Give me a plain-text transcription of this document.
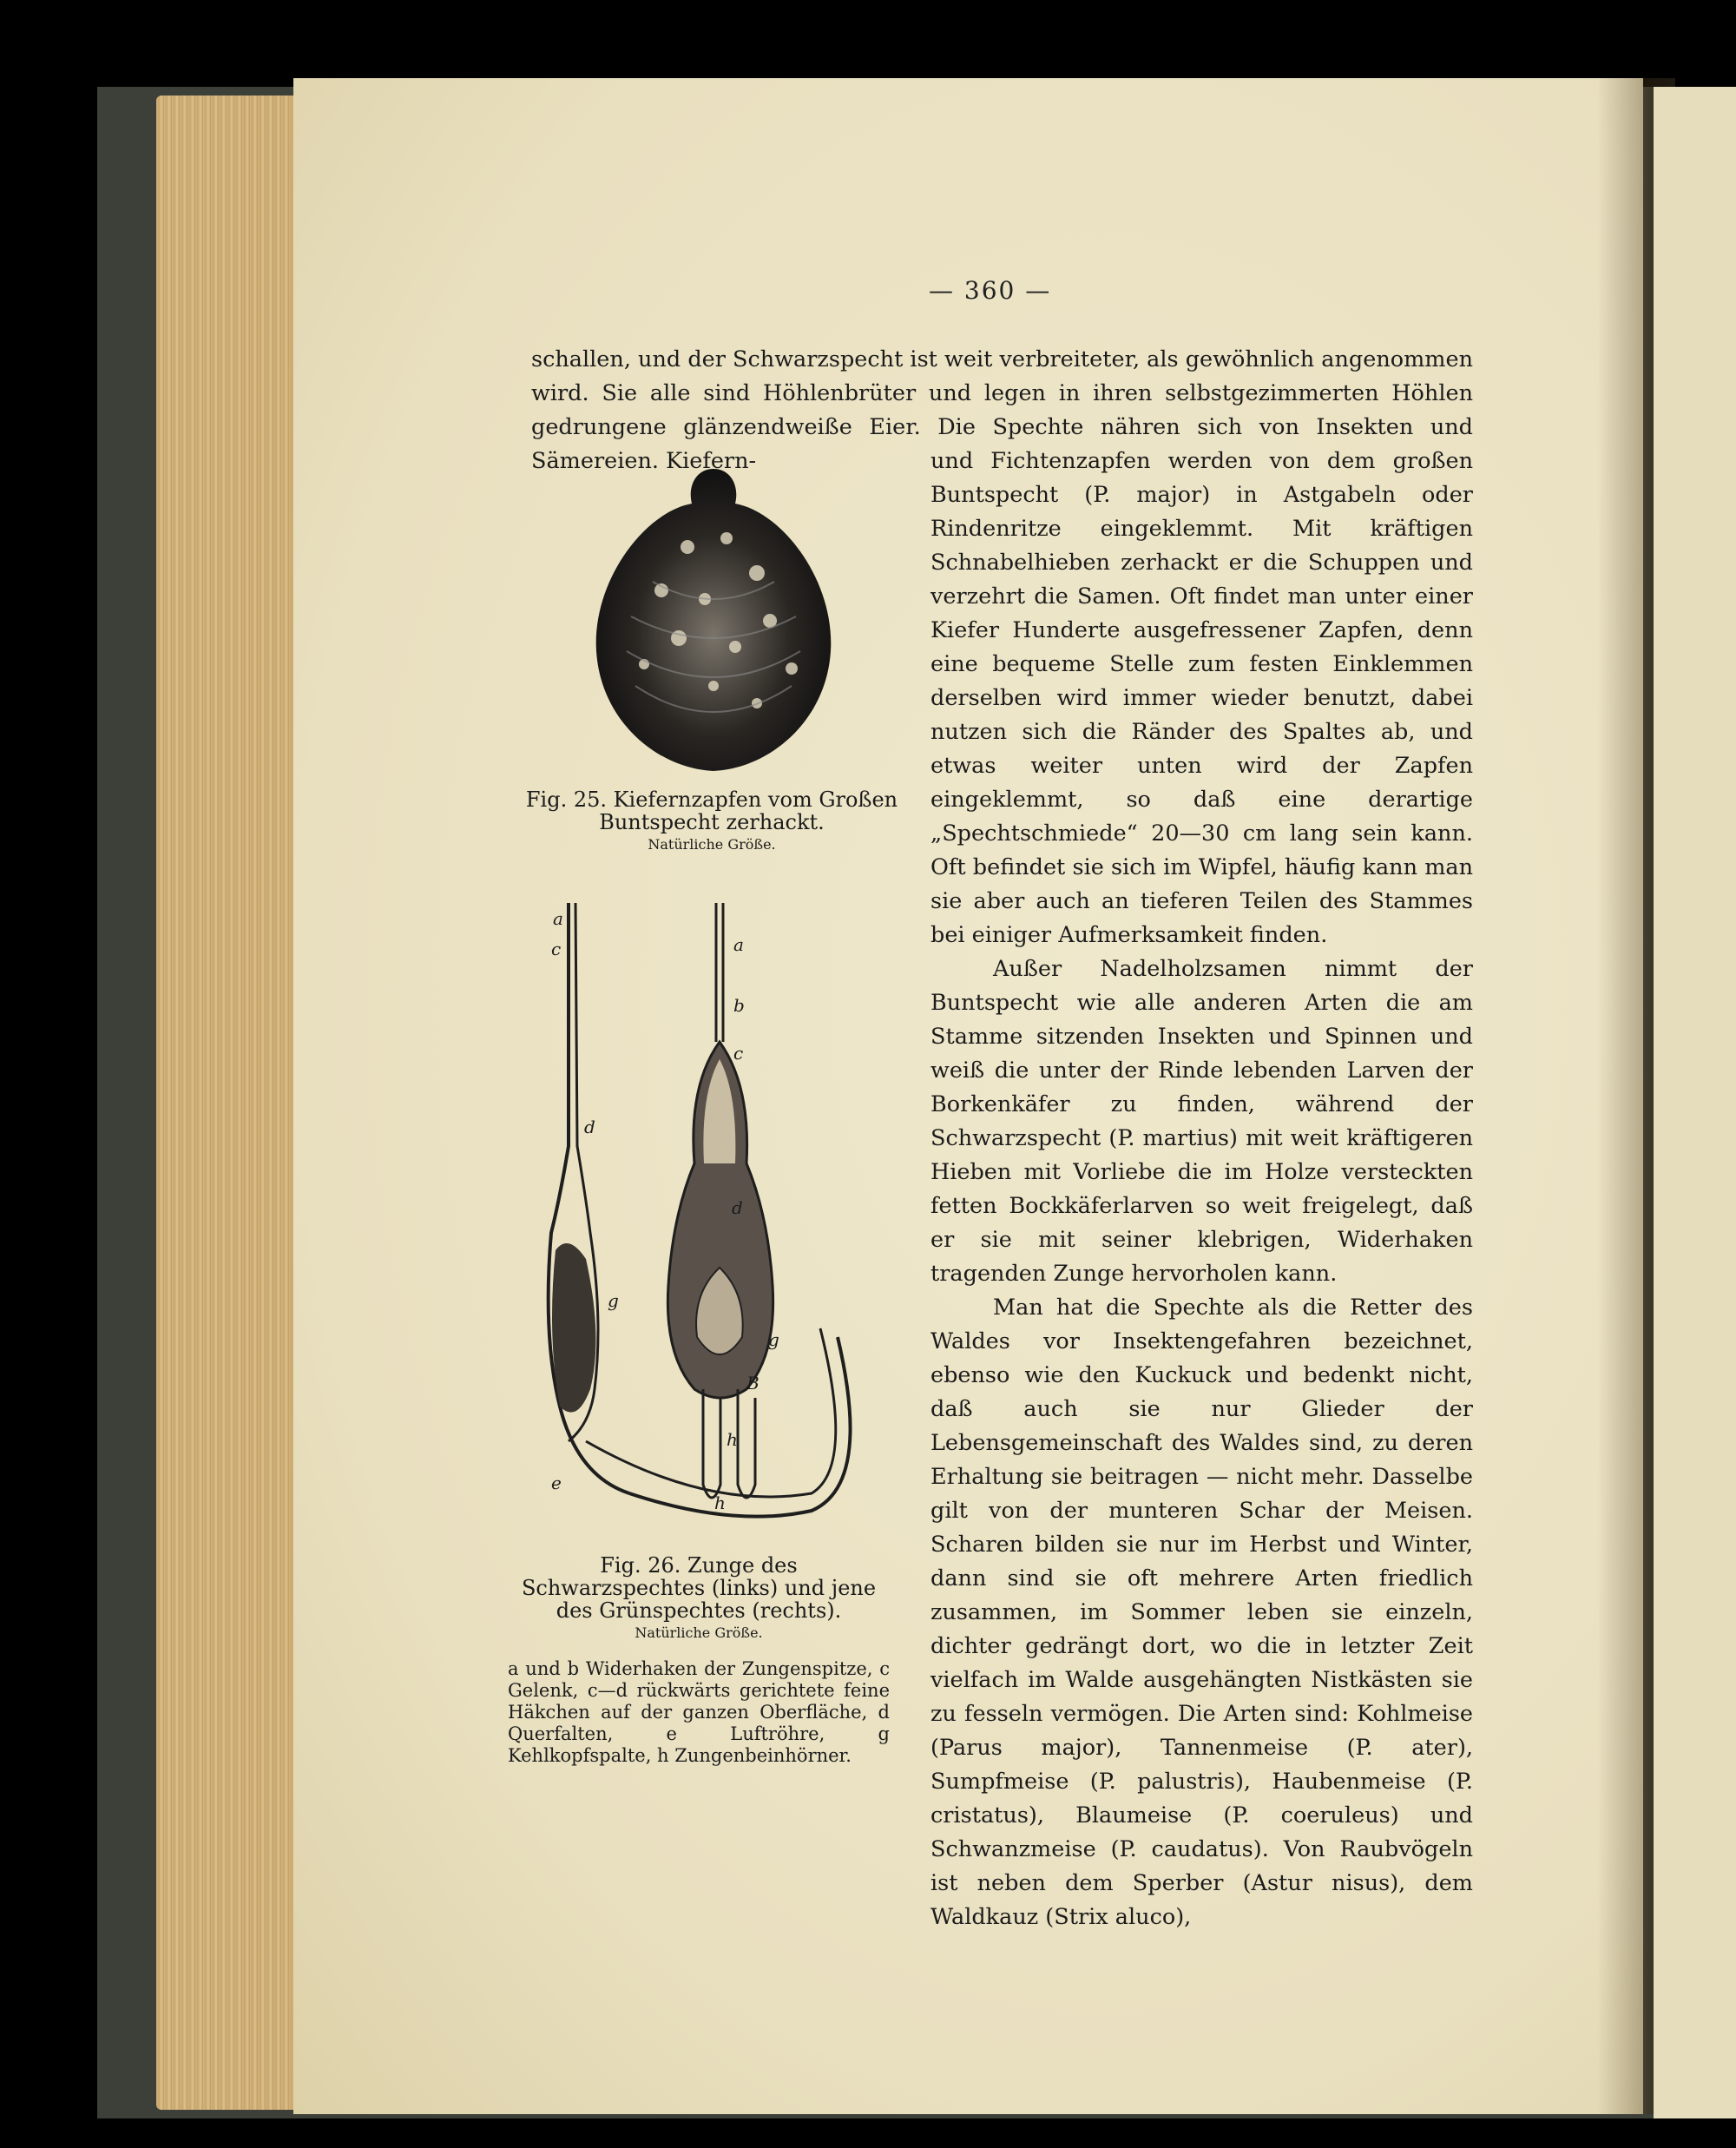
— 360 —

schallen, und der Schwarzspecht ist weit verbreiteter, als gewöhnlich angenommen wird. Sie alle sind Höhlenbrüter und legen in ihren selbstgezimmerten Höhlen gedrungene glänzendweiße Eier. Die Spechte nähren sich von Insekten und Sämereien. Kiefern-

Fig. 25. Kiefernzapfen vom Großen Buntspecht zerhackt.
Natürliche Größe.
a
c
d
g
e
a
b
c
d
g
B
h
h
Fig. 26. Zunge des Schwarzspechtes (links) und jene des Grünspechtes (rechts).
Natürliche Größe.
a und b Widerhaken der Zungenspitze, c Gelenk, c—d rückwärts gerichtete feine Häkchen auf der ganzen Oberfläche, d Querfalten, e Luftröhre, g Kehlkopfspalte, h Zungenbeinhörner.

und Fichtenzapfen werden von dem großen Buntspecht (P. major) in Astgabeln oder Rindenritze eingeklemmt. Mit kräftigen Schnabelhieben zerhackt er die Schuppen und verzehrt die Samen. Oft findet man unter einer Kiefer Hunderte ausgefressener Zapfen, denn eine bequeme Stelle zum festen Einklemmen derselben wird immer wieder benutzt, dabei nutzen sich die Ränder des Spaltes ab, und etwas weiter unten wird der Zapfen eingeklemmt, so daß eine derartige „Spechtschmiede“ 20—30 cm lang sein kann. Oft befindet sie sich im Wipfel, häufig kann man sie aber auch an tieferen Teilen des Stammes bei einiger Aufmerksamkeit finden.

Außer Nadelholzsamen nimmt der Buntspecht wie alle anderen Arten die am Stamme sitzenden Insekten und Spinnen und weiß die unter der Rinde lebenden Larven der Borkenkäfer zu finden, während der Schwarzspecht (P. martius) mit weit kräftigeren Hieben mit Vorliebe die im Holze versteckten fetten Bockkäferlarven so weit freigelegt, daß er sie mit seiner klebrigen, Widerhaken tragenden Zunge hervorholen kann.

Man hat die Spechte als die Retter des Waldes vor Insektengefahren bezeichnet, ebenso wie den Kuckuck und bedenkt nicht, daß auch sie nur Glieder der Lebensgemeinschaft des Waldes sind, zu deren Erhaltung sie beitragen — nicht mehr. Dasselbe gilt von der munteren Schar der Meisen. Scharen bilden sie nur im Herbst und Winter, dann sind sie oft mehrere Arten friedlich zusammen, im Sommer leben sie einzeln, dichter gedrängt dort, wo die in letzter Zeit vielfach im Walde ausgehängten Nistkästen sie zu fesseln vermögen. Die Arten sind: Kohlmeise (Parus major), Tannenmeise (P. ater), Sumpfmeise (P. palustris), Haubenmeise (P. cristatus), Blaumeise (P. coeruleus) und Schwanzmeise (P. caudatus). Von Raubvögeln ist neben dem Sperber (Astur nisus), dem Waldkauz (Strix aluco),
